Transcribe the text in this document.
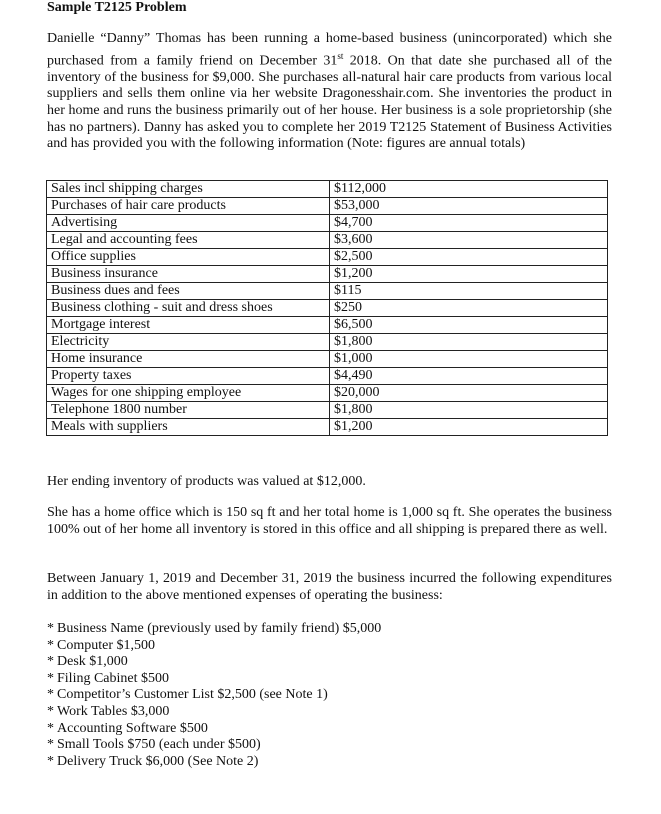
Sample T2125 Problem
Danielle “Danny” Thomas has been running a home-based business (unincorporated) which she purchased from a family friend on December 31st 2018. On that date she purchased all of the inventory of the business for $9,000. She purchases all-natural hair care products from various local suppliers and sells them online via her website Dragonesshair.com. She inventories the product in her home and runs the business primarily out of her house. Her business is a sole proprietorship (she has no partners). Danny has asked you to complete her 2019 T2125 Statement of Business Activities and has provided you with the following information (Note: figures are annual totals)
Sales incl shipping charges	$112,000
Purchases of hair care products	$53,000
Advertising	$4,700
Legal and accounting fees	$3,600
Office supplies	$2,500
Business insurance	$1,200
Business dues and fees	$115
Business clothing - suit and dress shoes	$250
Mortgage interest	$6,500
Electricity	$1,800
Home insurance	$1,000
Property taxes	$4,490
Wages for one shipping employee	$20,000
Telephone 1800 number	$1,800
Meals with suppliers	$1,200
Her ending inventory of products was valued at $12,000.
She has a home office which is 150 sq ft and her total home is 1,000 sq ft. She operates the business 100% out of her home all inventory is stored in this office and all shipping is prepared there as well.
Between January 1, 2019 and December 31, 2019 the business incurred the following expenditures in addition to the above mentioned expenses of operating the business:
* Business Name (previously used by family friend) $5,000
* Computer $1,500
* Desk $1,000
* Filing Cabinet $500
* Competitor’s Customer List $2,500 (see Note 1)
* Work Tables $3,000
* Accounting Software $500
* Small Tools $750 (each under $500)
* Delivery Truck $6,000 (See Note 2)
